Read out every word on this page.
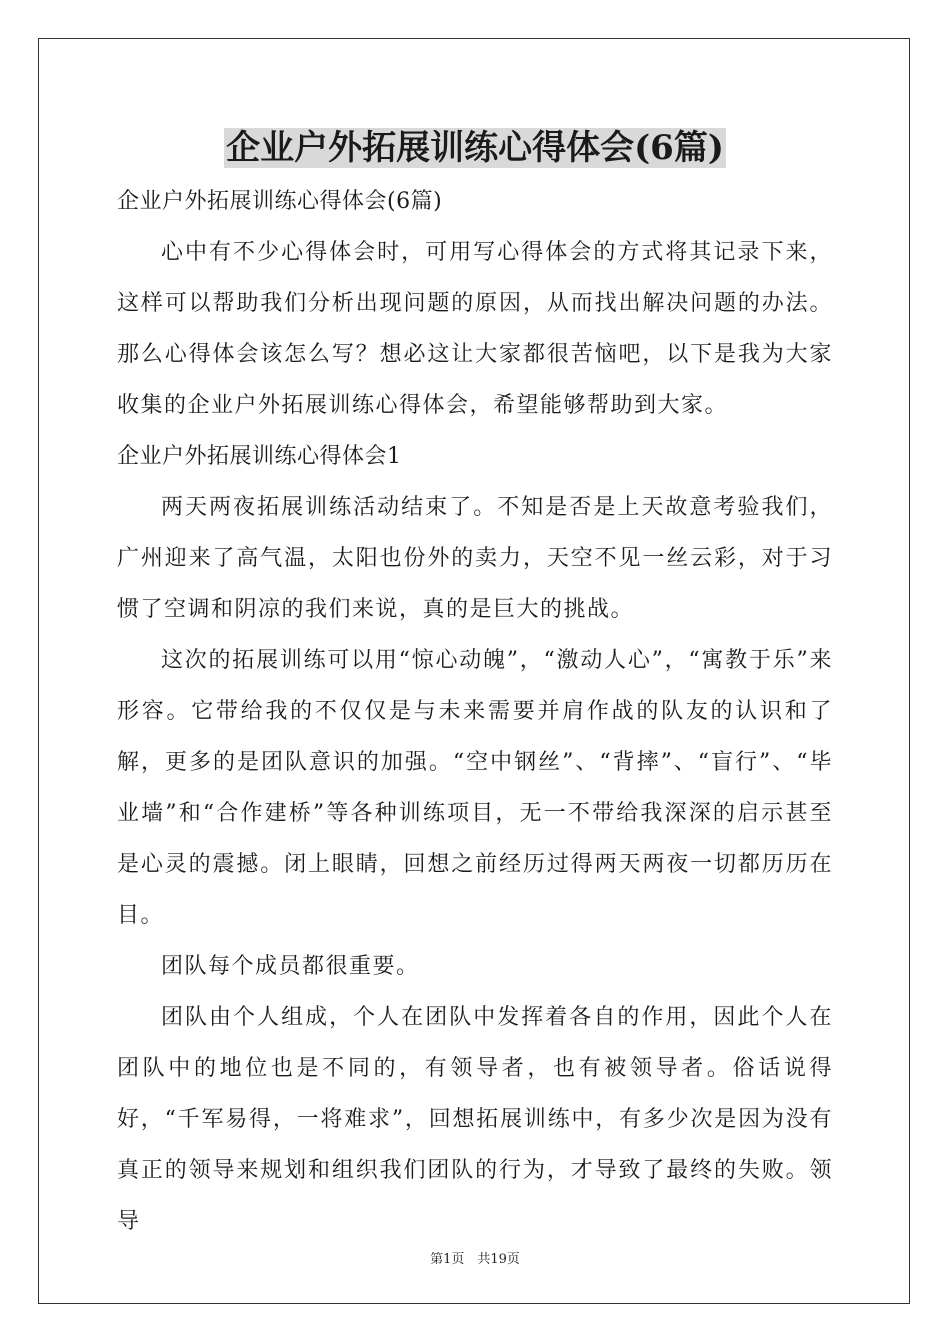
企业户外拓展训练心得体会(6篇)

企业户外拓展训练心得体会(6篇)

心中有不少心得体会时，可用写心得体会的方式将其记录下来，这样可以帮助我们分析出现问题的原因，从而找出解决问题的办法。那么心得体会该怎么写？想必这让大家都很苦恼吧，以下是我为大家收集的企业户外拓展训练心得体会，希望能够帮助到大家。

企业户外拓展训练心得体会1

两天两夜拓展训练活动结束了。不知是否是上天故意考验我们，广州迎来了高气温，太阳也份外的卖力，天空不见一丝云彩，对于习惯了空调和阴凉的我们来说，真的是巨大的挑战。

这次的拓展训练可以用“惊心动魄”，“激动人心”，“寓教于乐”来形容。它带给我的不仅仅是与未来需要并肩作战的队友的认识和了解，更多的是团队意识的加强。“空中钢丝”、“背摔”、“盲行”、“毕业墙”和“合作建桥”等各种训练项目，无一不带给我深深的启示甚至是心灵的震撼。闭上眼睛，回想之前经历过得两天两夜一切都历历在目。

团队每个成员都很重要。

团队由个人组成，个人在团队中发挥着各自的作用，因此个人在团队中的地位也是不同的，有领导者，也有被领导者。俗话说得好，“千军易得，一将难求”，回想拓展训练中，有多少次是因为没有真正的领导来规划和组织我们团队的行为，才导致了最终的失败。领导

第1页　共19页
